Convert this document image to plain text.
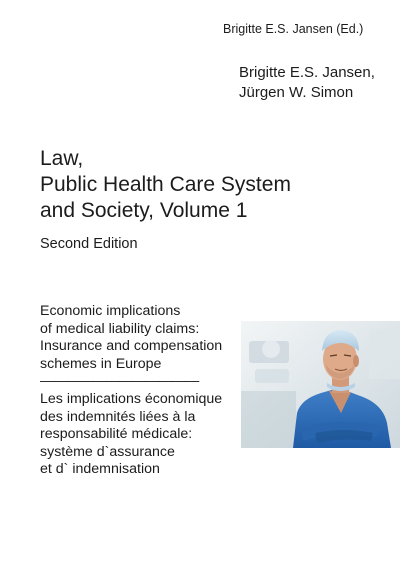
Brigitte E.S. Jansen (Ed.)
Brigitte E.S. Jansen,
Jürgen W. Simon
Law,
Public Health Care System
and Society, Volume 1
Second Edition
Economic implications
of medical liability claims:
Insurance and compensation
schemes in Europe
————————————
Les implications économique
des indemnités liées à la
responsabilité médicale:
système d`assurance
et d` indemnisation
